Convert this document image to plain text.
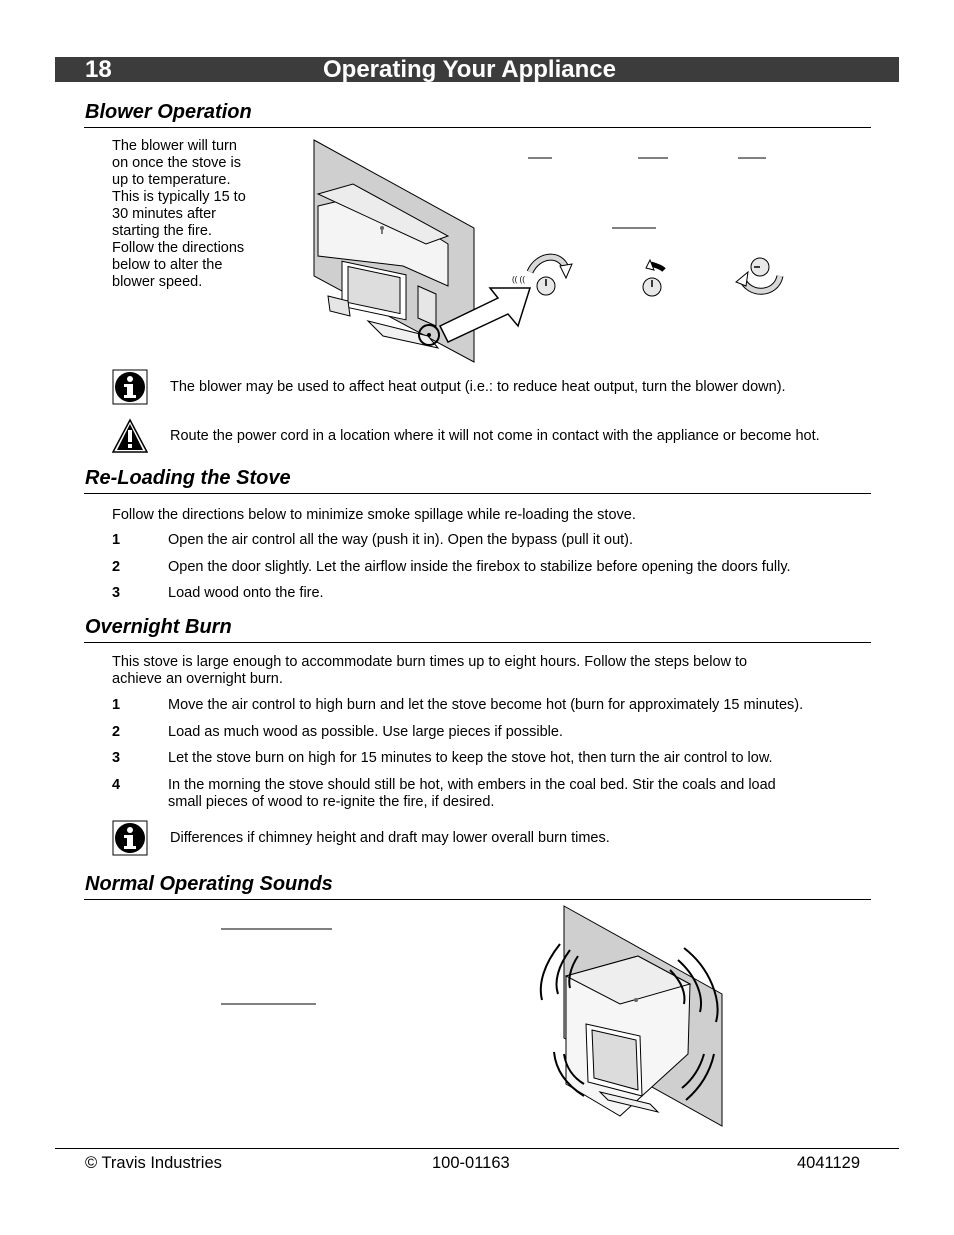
18	Operating Your Appliance
Blower Operation
The blower will turn
on once the stove is
up to temperature.
This is typically 15 to
30 minutes after
starting the fire.
Follow the directions
below to alter the
blower speed.	(( ((
The blower may be used to affect heat output (i.e.: to reduce heat output, turn the blower down).
Route the power cord in a location where it will not come in contact with the appliance or become hot.
Re-Loading the Stove
Follow the directions below to minimize smoke spillage while re-loading the stove.
1	Open the air control all the way (push it in). Open the bypass (pull it out).
2	Open the door slightly. Let the airflow inside the firebox to stabilize before opening the doors fully.
3	Load wood onto the fire.
Overnight Burn
This stove is large enough to accommodate burn times up to eight hours. Follow the steps below to
achieve an overnight burn.
1	Move the air control to high burn and let the stove become hot (burn for approximately 15 minutes).
2	Load as much wood as possible. Use large pieces if possible.
3	Let the stove burn on high for 15 minutes to keep the stove hot, then turn the air control to low.
4	In the morning the stove should still be hot, with embers in the coal bed. Stir the coals and load
small pieces of wood to re-ignite the fire, if desired.
Differences if chimney height and draft may lower overall burn times.
Normal Operating Sounds
© Travis Industries	100-01163	4041129
